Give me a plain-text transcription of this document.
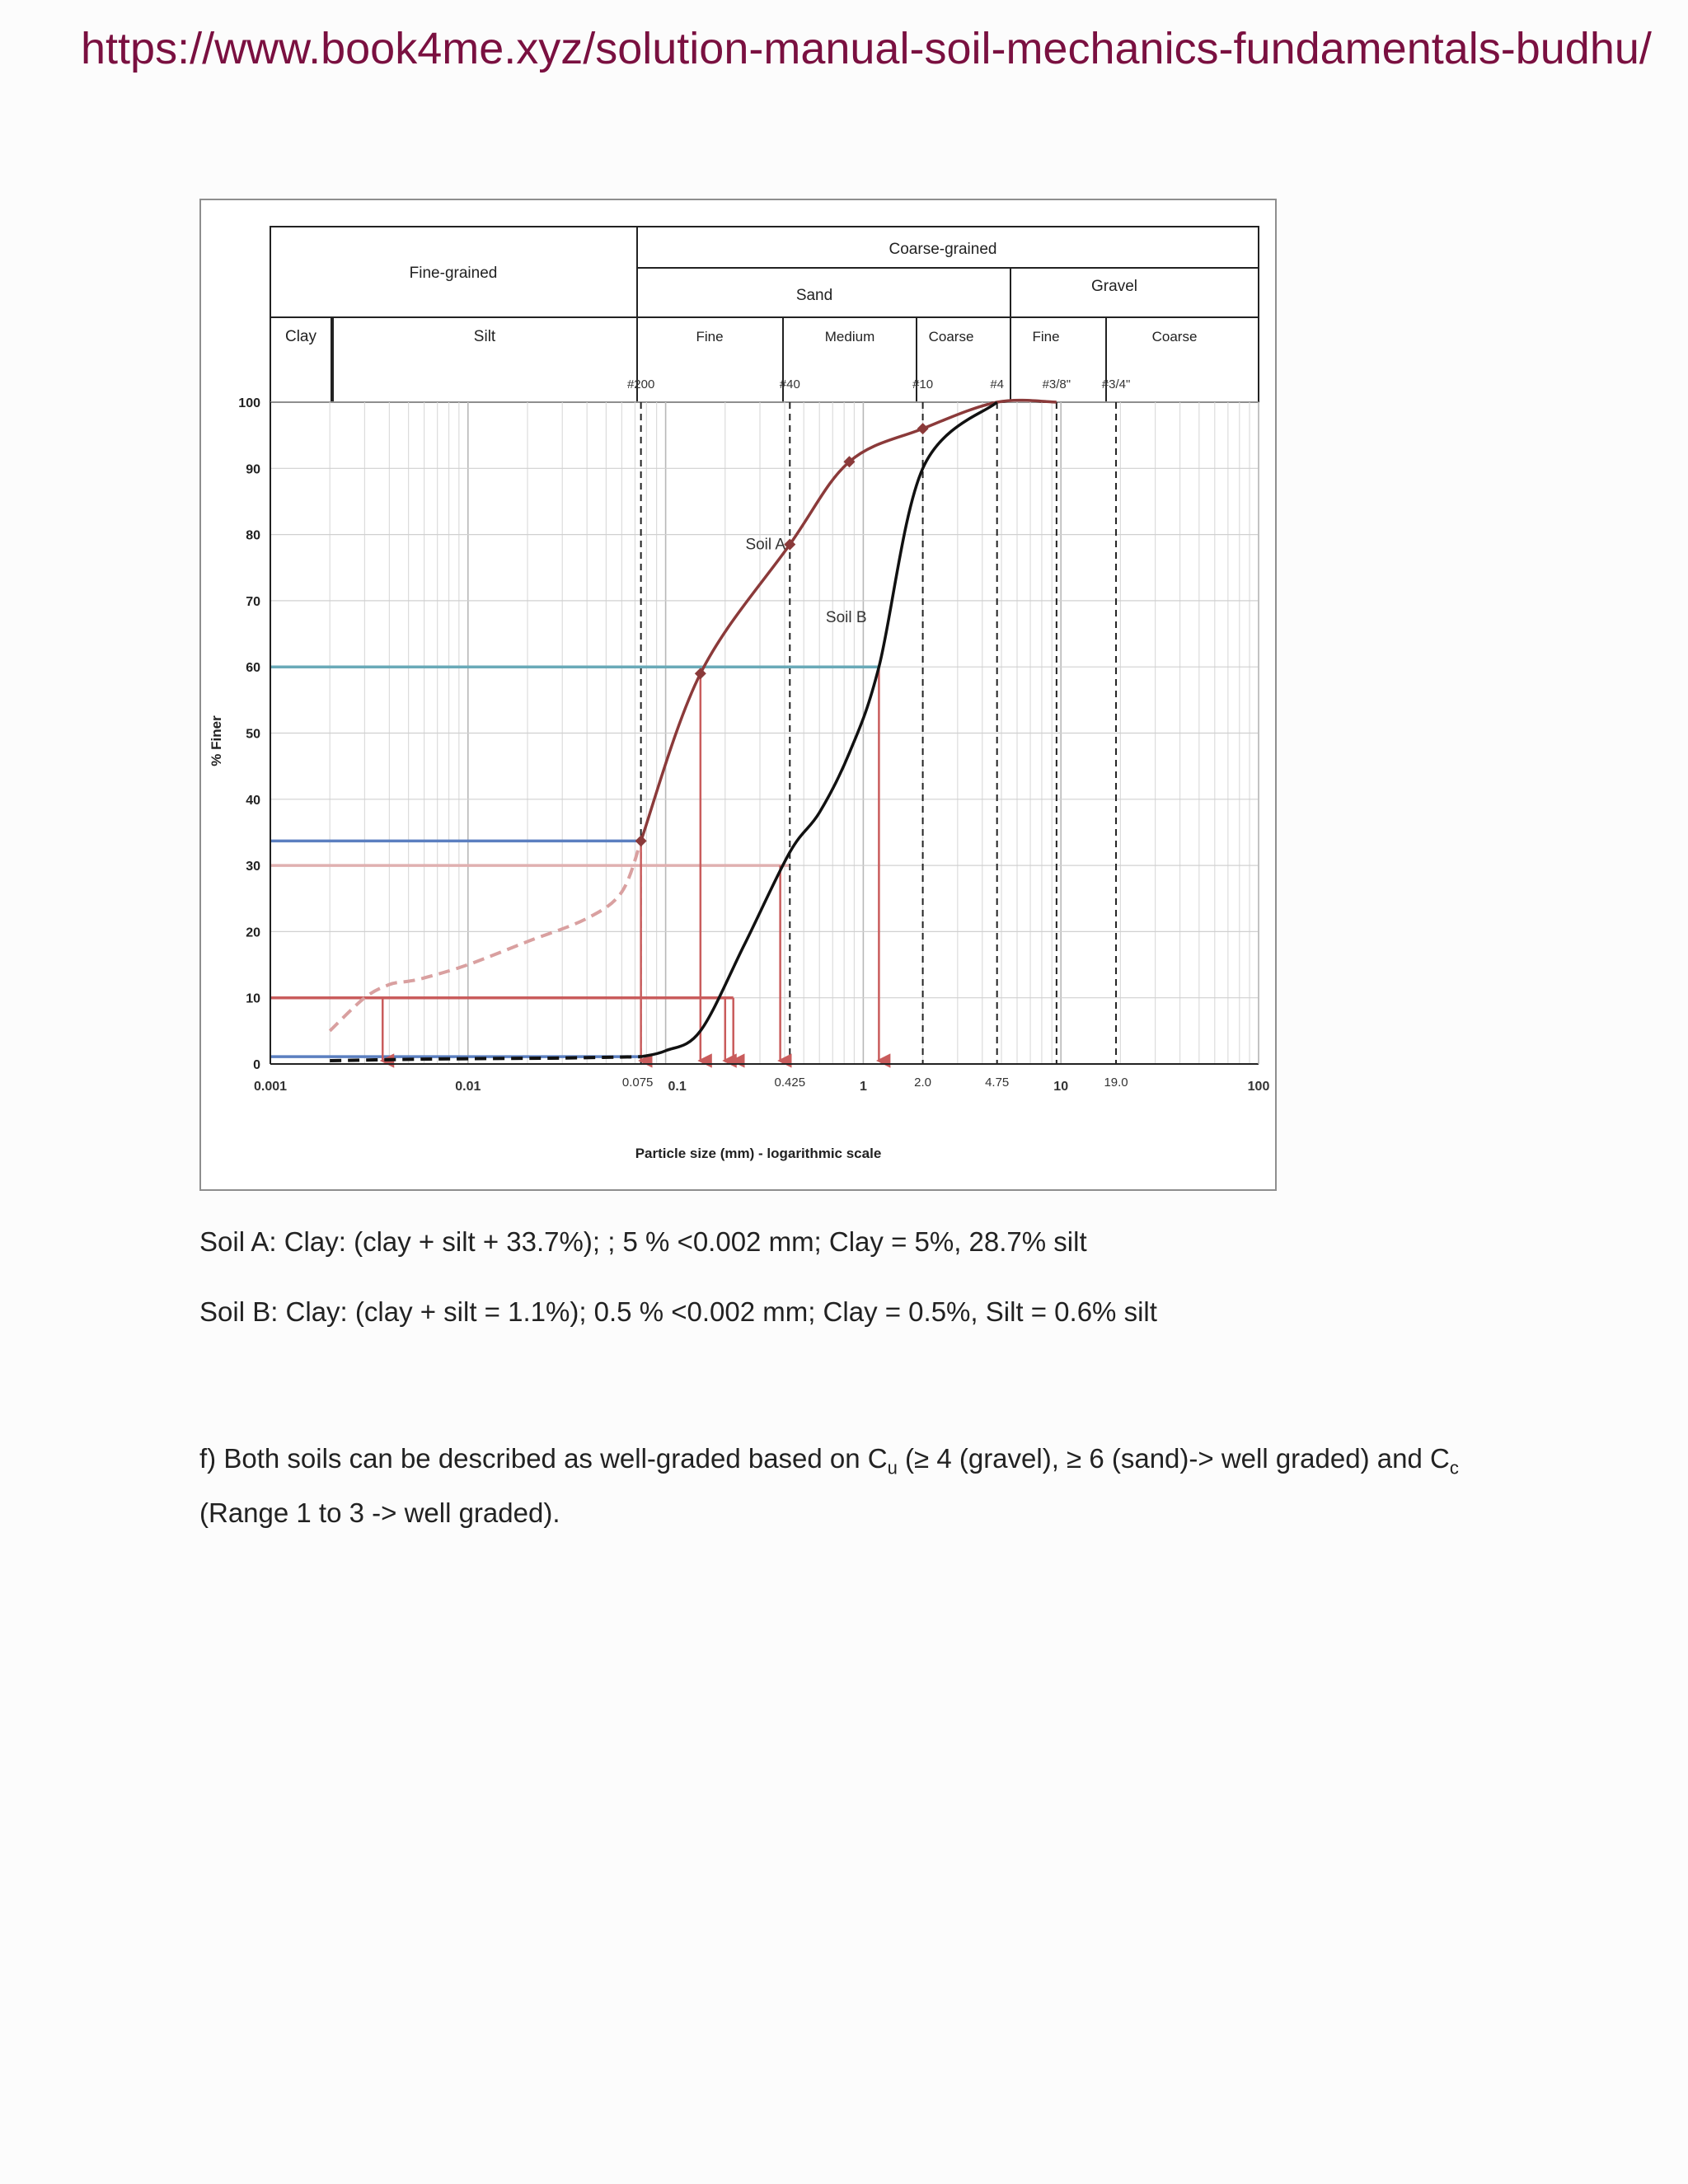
https://www.book4me.xyz/solution-manual-soil-mechanics-fundamentals-budhu/
Fine-grained
Coarse-grained
Sand
Gravel
Clay	Silt	Fine	Medium	Coarse	Fine	Coarse
#200	#40	#10	#4	#3/8"	#3/4"
Soil A
Soil B
0
10
20
30
40
50
60
70
80
90
100
0.001	0.01	0.075 0.1	0.425	1	2.0	4.75	10	19.0	100
% Finer
Particle size (mm) - logarithmic scale
Soil A: Clay: (clay + silt + 33.7%); ; 5 % <0.002 mm; Clay = 5%, 28.7% silt
Soil B: Clay: (clay + silt = 1.1%); 0.5 % <0.002 mm; Clay = 0.5%, Silt = 0.6% silt
f) Both soils can be described as well-graded based on $C_u$ (≥ 4 (gravel), ≥ 6 (sand)-> well graded) and $C_c$ (Range 1 to 3 -> well graded).
